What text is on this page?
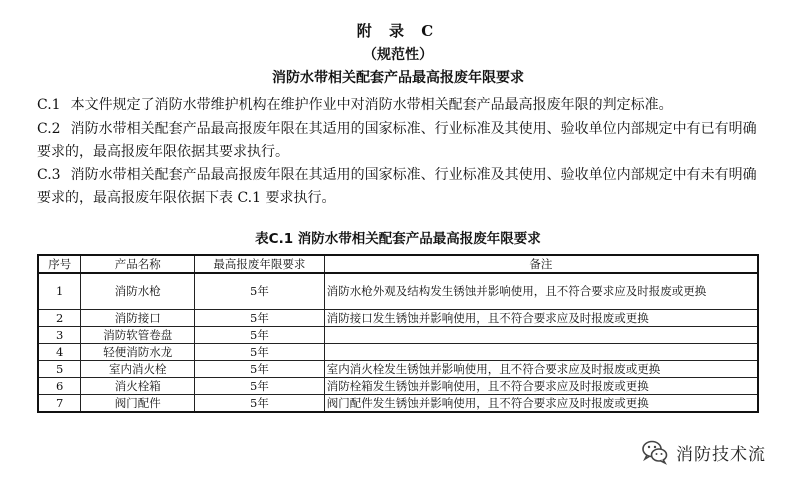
附 录 C
（规范性）
消防水带相关配套产品最高报废年限要求
C.1 本文件规定了消防水带维护机构在维护作业中对消防水带相关配套产品最高报废年限的判定标准。
C.2 消防水带相关配套产品最高报废年限在其适用的国家标准、行业标准及其使用、验收单位内部规定中有已有明确要求的，最高报废年限依据其要求执行。
C.3 消防水带相关配套产品最高报废年限在其适用的国家标准、行业标准及其使用、验收单位内部规定中有未有明确要求的，最高报废年限依据下表 C.1 要求执行。
表C.1 消防水带相关配套产品最高报废年限要求
序号	产品名称	最高报废年限要求	备注
1	消防水枪	5年	消防水枪外观及结构发生锈蚀并影响使用，且不符合要求应及时报废或更换
2	消防接口	5年	消防接口发生锈蚀并影响使用，且不符合要求应及时报废或更换
3	消防软管卷盘	5年	
4	轻便消防水龙	5年	
5	室内消火栓	5年	室内消火栓发生锈蚀并影响使用，且不符合要求应及时报废或更换
6	消火栓箱	5年	消防栓箱发生锈蚀并影响使用，且不符合要求应及时报废或更换
7	阀门配件	5年	阀门配件发生锈蚀并影响使用，且不符合要求应及时报废或更换
消防技术流
